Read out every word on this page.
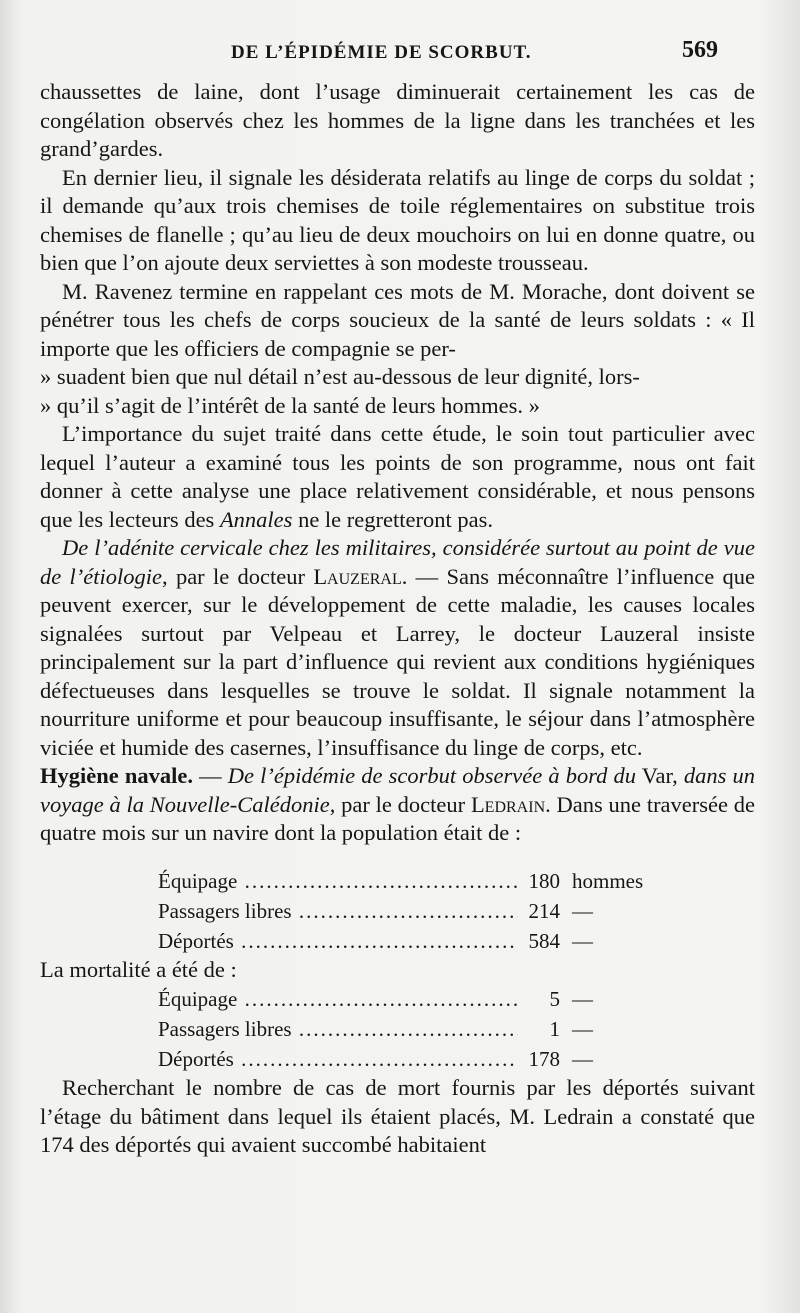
DE L’ÉPIDÉMIE DE SCORBUT.	569

chaussettes de laine, dont l’usage diminuerait certainement les cas de congélation observés chez les hommes de la ligne dans les tranchées et les grand’gardes.

En dernier lieu, il signale les désiderata relatifs au linge de corps du soldat ; il demande qu’aux trois chemises de toile réglementaires on substitue trois chemises de flanelle ; qu’au lieu de deux mouchoirs on lui en donne quatre, ou bien que l’on ajoute deux serviettes à son modeste trousseau.

M. Ravenez termine en rappelant ces mots de M. Morache, dont doivent se pénétrer tous les chefs de corps soucieux de la santé de leurs soldats : « Il importe que les officiers de compagnie se per-
» suadent bien que nul détail n’est au-dessous de leur dignité, lors-
» qu’il s’agit de l’intérêt de la santé de leurs hommes. »

L’importance du sujet traité dans cette étude, le soin tout particulier avec lequel l’auteur a examiné tous les points de son programme, nous ont fait donner à cette analyse une place relativement considérable, et nous pensons que les lecteurs des Annales ne le regretteront pas.

De l’adénite cervicale chez les militaires, considérée surtout au point de vue de l’étiologie, par le docteur Lauzeral. — Sans méconnaître l’influence que peuvent exercer, sur le développement de cette maladie, les causes locales signalées surtout par Velpeau et Larrey, le docteur Lauzeral insiste principalement sur la part d’influence qui revient aux conditions hygiéniques défectueuses dans lesquelles se trouve le soldat. Il signale notamment la nourriture uniforme et pour beaucoup insuffisante, le séjour dans l’atmosphère viciée et humide des casernes, l’insuffisance du linge de corps, etc.

Hygiène navale. — De l’épidémie de scorbut observée à bord du Var, dans un voyage à la Nouvelle-Calédonie, par le docteur Ledrain. Dans une traversée de quatre mois sur un navire dont la population était de :

Équipage .....	180 hommes
Passagers libres .....	214 —
Déportés .....	584 —

La mortalité a été de :

Équipage .....	5 —
Passagers libres .....	1 —
Déportés .....	178 —

Recherchant le nombre de cas de mort fournis par les déportés suivant l’étage du bâtiment dans lequel ils étaient placés, M. Ledrain a constaté que 174 des déportés qui avaient succombé habitaient
